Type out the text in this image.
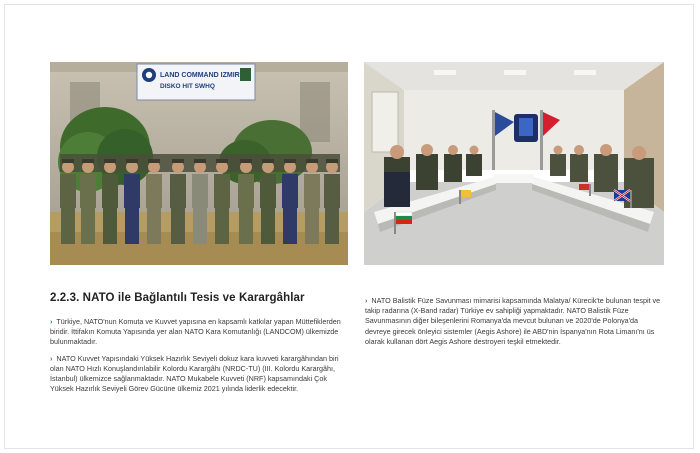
LAND COMMAND IZMIR
DISKO HIT SWHQ
2.2.3. NATO ile Bağlantılı Tesis ve Karargâhlar

› Türkiye, NATO'nun Komuta ve Kuvvet yapısına en kapsamlı katkılar yapan Müttefiklerden biridir. İttifakın Komuta Yapısında yer alan NATO Kara Komutanlığı (LANDCOM) ülkemizde bulunmaktadır.

› NATO Kuvvet Yapısındaki Yüksek Hazırlık Seviyeli dokuz kara kuvveti karargâhından biri olan NATO Hızlı Konuşlandırılabilir Kolordu Karargâhı (NRDC-TU) (III. Kolordu Karargâhı, İstanbul) ülkemizce sağlanmaktadır. NATO Mukabele Kuvveti (NRF) kapsamındaki Çok Yüksek Hazırlık Seviyeli Görev Gücüne ülkemiz 2021 yılında liderlik edecektir.

› NATO Balistik Füze Savunması mimarisi kapsamında Malatya/ Kürecik'te bulunan tespit ve takip radarına (X-Band radar) Türkiye ev sahipliği yapmaktadır. NATO Balistik Füze Savunmasının diğer bileşenlerini Romanya'da mevcut bulunan ve 2020'de Polonya'da devreye girecek önleyici sistemler (Aegis Ashore) ile ABD'nin İspanya'nın Rota Limanı'nı üs olarak kullanan dört Aegis Ashore destroyeri teşkil etmektedir.
